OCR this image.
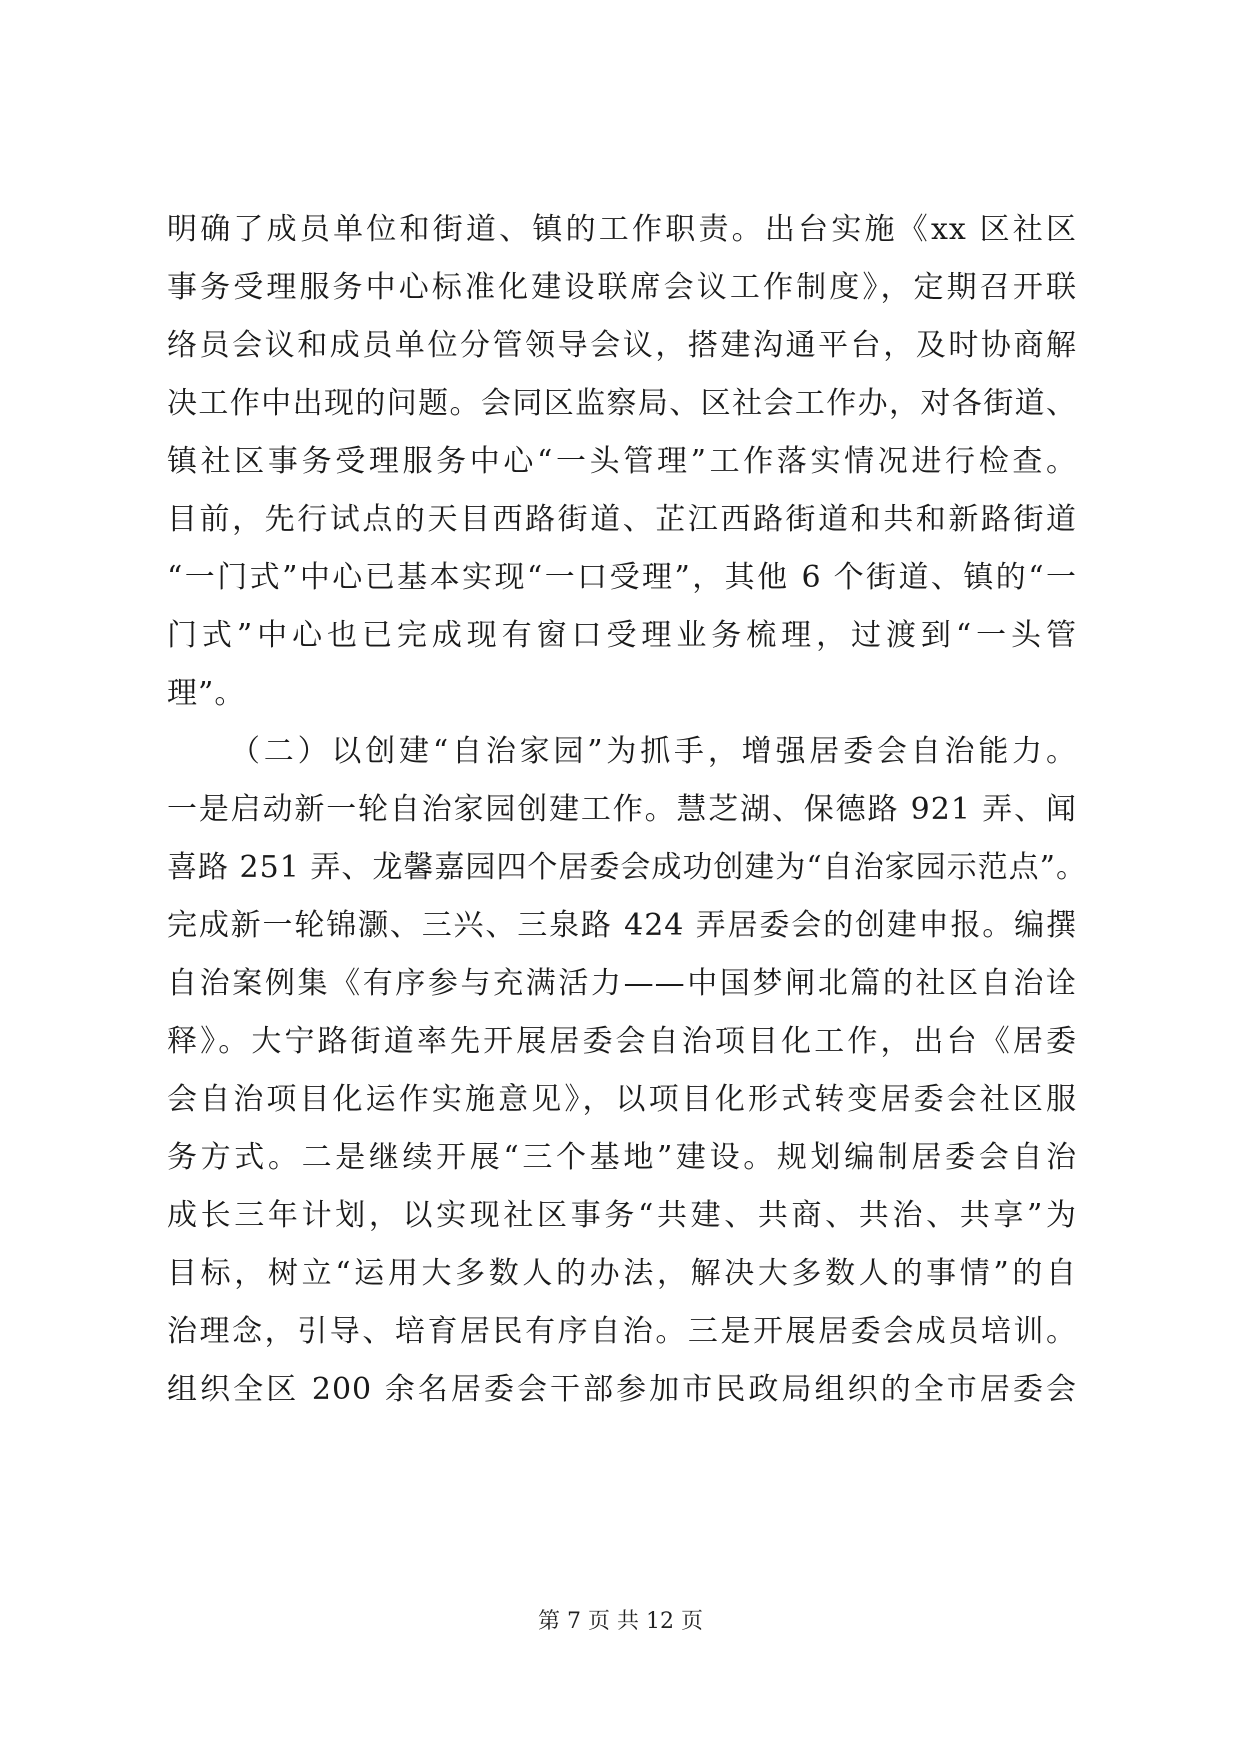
明确了成员单位和街道、镇的工作职责。出台实施《xx 区社区
事务受理服务中心标准化建设联席会议工作制度》，定期召开联
络员会议和成员单位分管领导会议，搭建沟通平台，及时协商解
决工作中出现的问题。会同区监察局、区社会工作办，对各街道、
镇社区事务受理服务中心“一头管理”工作落实情况进行检查。
目前，先行试点的天目西路街道、芷江西路街道和共和新路街道
“一门式”中心已基本实现“一口受理”，其他 6 个街道、镇的“一
门式”中心也已完成现有窗口受理业务梳理，过渡到“一头管
理”。
（二）以创建“自治家园”为抓手，增强居委会自治能力。
一是启动新一轮自治家园创建工作。慧芝湖、保德路 921 弄、闻
喜路 251 弄、龙馨嘉园四个居委会成功创建为“自治家园示范点”。
完成新一轮锦灏、三兴、三泉路 424 弄居委会的创建申报。编撰
自治案例集《有序参与充满活力——中国梦闸北篇的社区自治诠
释》。大宁路街道率先开展居委会自治项目化工作，出台《居委
会自治项目化运作实施意见》，以项目化形式转变居委会社区服
务方式。二是继续开展“三个基地”建设。规划编制居委会自治
成长三年计划，以实现社区事务“共建、共商、共治、共享”为
目标，树立“运用大多数人的办法，解决大多数人的事情”的自
治理念，引导、培育居民有序自治。三是开展居委会成员培训。
组织全区 200 余名居委会干部参加市民政局组织的全市居委会
第 7 页 共 12 页
